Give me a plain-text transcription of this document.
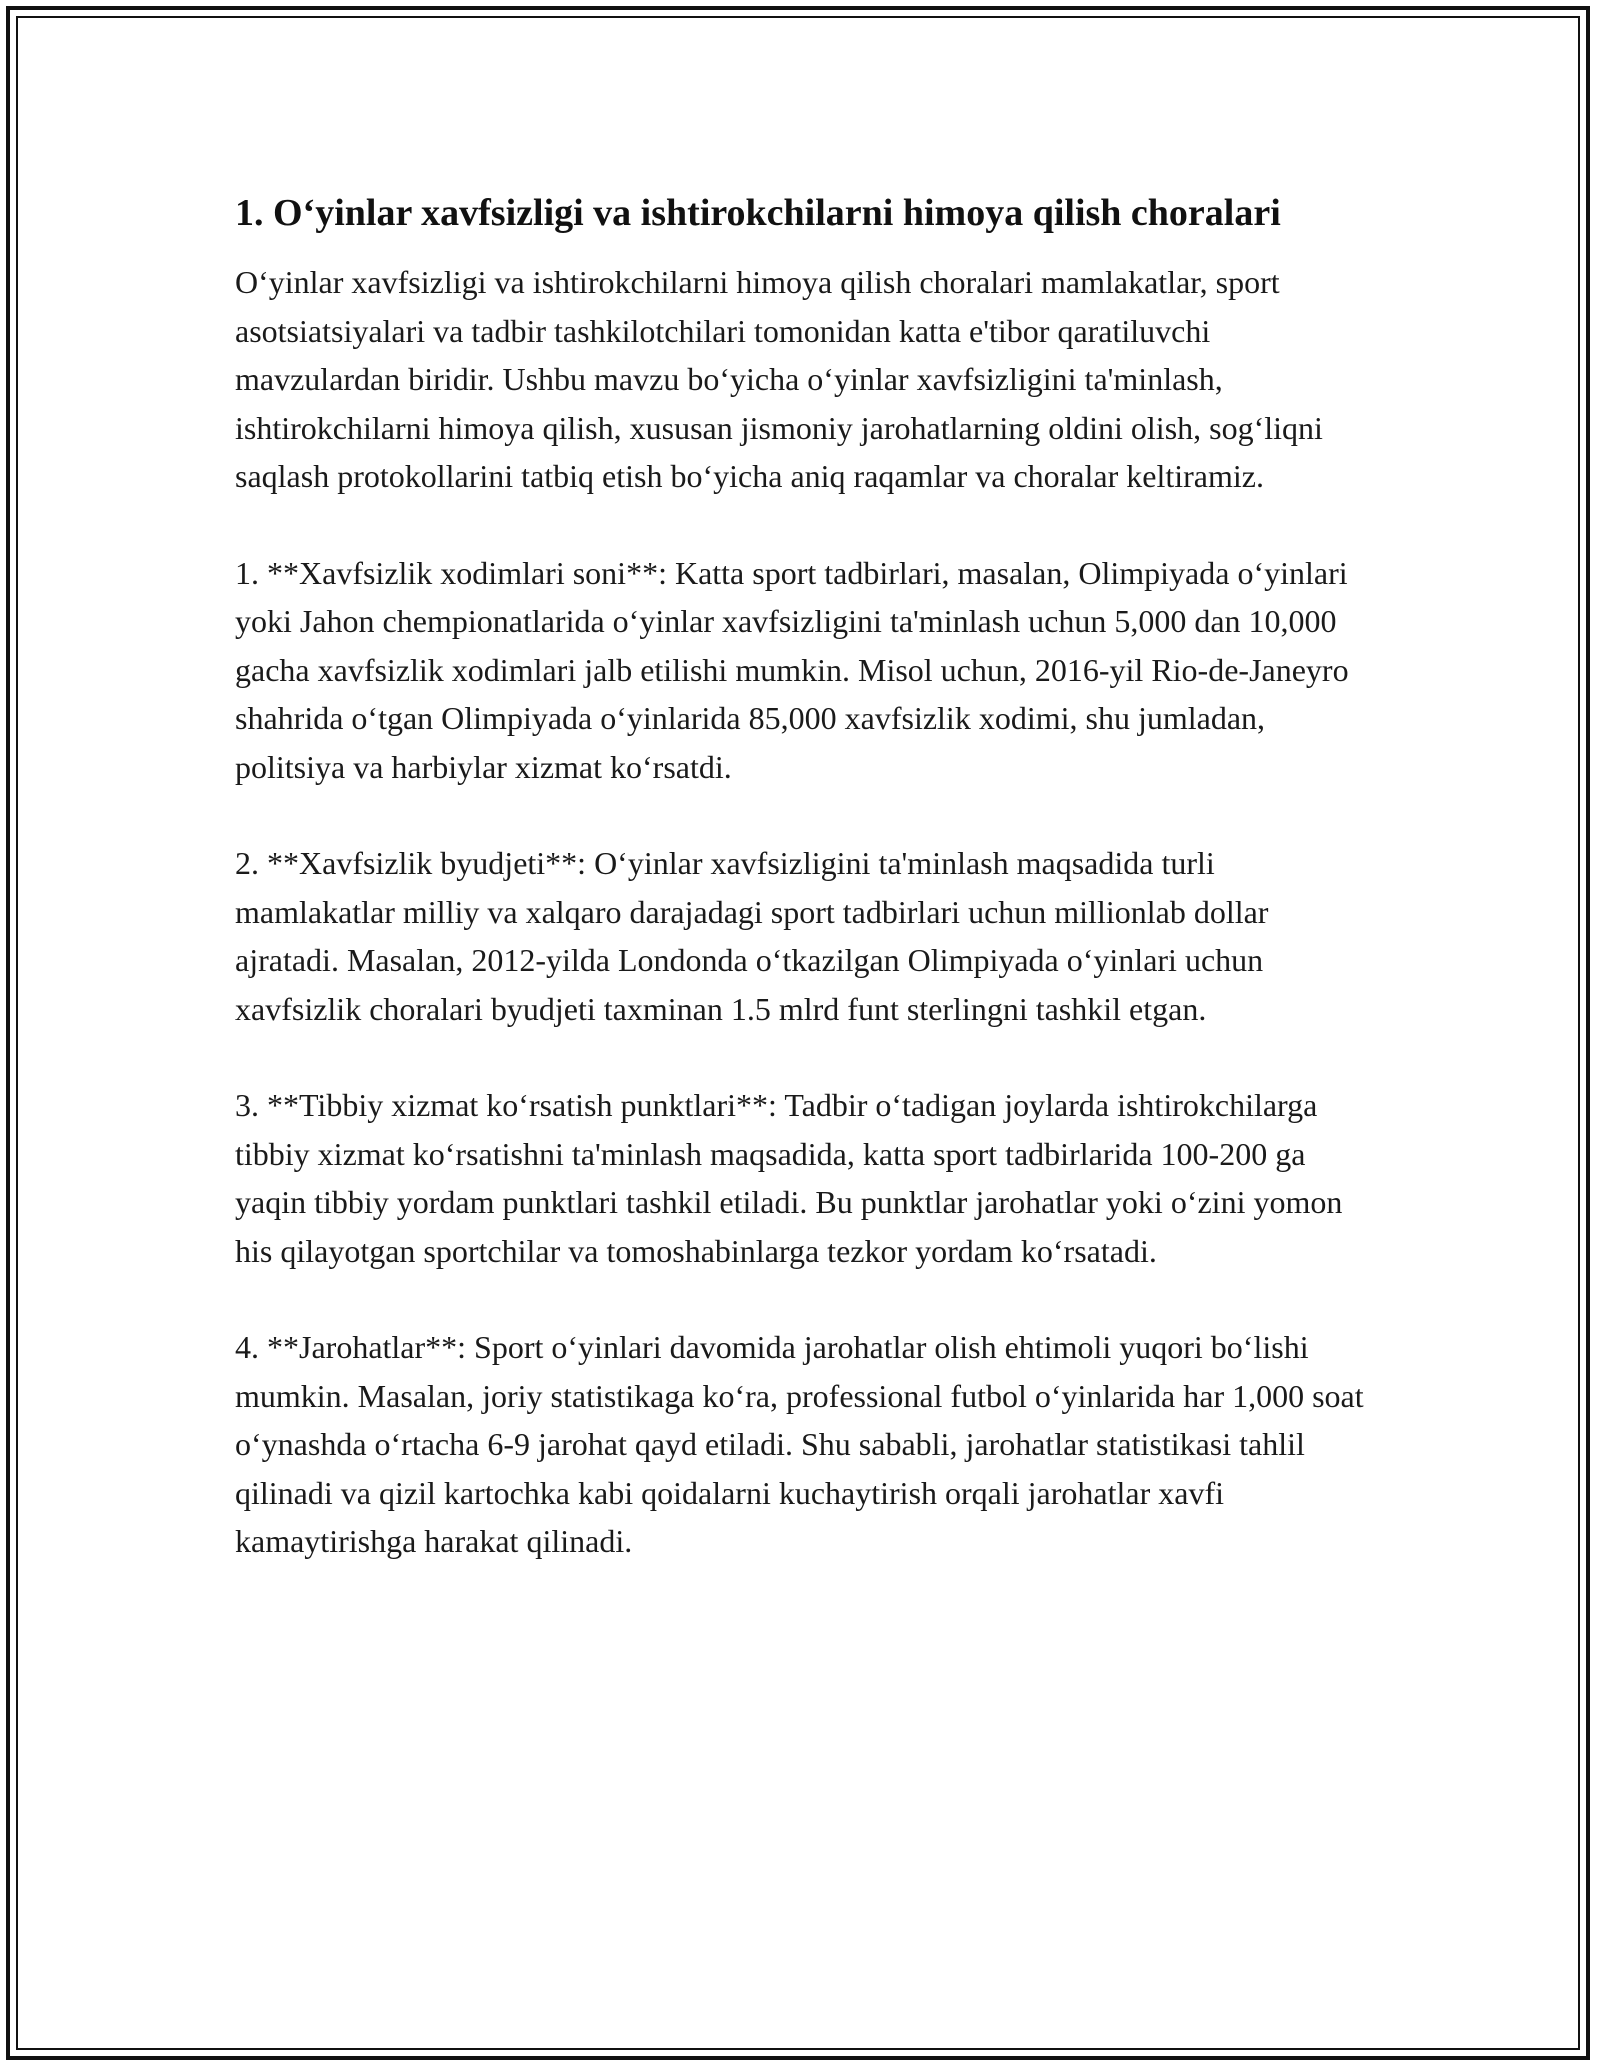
1. O‘yinlar xavfsizligi va ishtirokchilarni himoya qilish choralari

O‘yinlar xavfsizligi va ishtirokchilarni himoya qilish choralari mamlakatlar, sport asotsiatsiyalari va tadbir tashkilotchilari tomonidan katta e'tibor qaratiluvchi mavzulardan biridir. Ushbu mavzu bo‘yicha o‘yinlar xavfsizligini ta'minlash, ishtirokchilarni himoya qilish, xususan jismoniy jarohatlarning oldini olish, sog‘liqni saqlash protokollarini tatbiq etish bo‘yicha aniq raqamlar va choralar keltiramiz.

1. **Xavfsizlik xodimlari soni**: Katta sport tadbirlari, masalan, Olimpiyada o‘yinlari yoki Jahon chempionatlarida o‘yinlar xavfsizligini ta'minlash uchun 5,000 dan 10,000 gacha xavfsizlik xodimlari jalb etilishi mumkin. Misol uchun, 2016-yil Rio-de-Janeyro shahrida o‘tgan Olimpiyada o‘yinlarida 85,000 xavfsizlik xodimi, shu jumladan, politsiya va harbiylar xizmat ko‘rsatdi.

2. **Xavfsizlik byudjeti**: O‘yinlar xavfsizligini ta'minlash maqsadida turli mamlakatlar milliy va xalqaro darajadagi sport tadbirlari uchun millionlab dollar ajratadi. Masalan, 2012-yilda Londonda o‘tkazilgan Olimpiyada o‘yinlari uchun xavfsizlik choralari byudjeti taxminan 1.5 mlrd funt sterlingni tashkil etgan.

3. **Tibbiy xizmat ko‘rsatish punktlari**: Tadbir o‘tadigan joylarda ishtirokchilarga tibbiy xizmat ko‘rsatishni ta'minlash maqsadida, katta sport tadbirlarida 100-200 ga yaqin tibbiy yordam punktlari tashkil etiladi. Bu punktlar jarohatlar yoki o‘zini yomon his qilayotgan sportchilar va tomoshabinlarga tezkor yordam ko‘rsatadi.

4. **Jarohatlar**: Sport o‘yinlari davomida jarohatlar olish ehtimoli yuqori bo‘lishi mumkin. Masalan, joriy statistikaga ko‘ra, professional futbol o‘yinlarida har 1,000 soat o‘ynashda o‘rtacha 6-9 jarohat qayd etiladi. Shu sababli, jarohatlar statistikasi tahlil qilinadi va qizil kartochka kabi qoidalarni kuchaytirish orqali jarohatlar xavfi kamaytirishga harakat qilinadi.
